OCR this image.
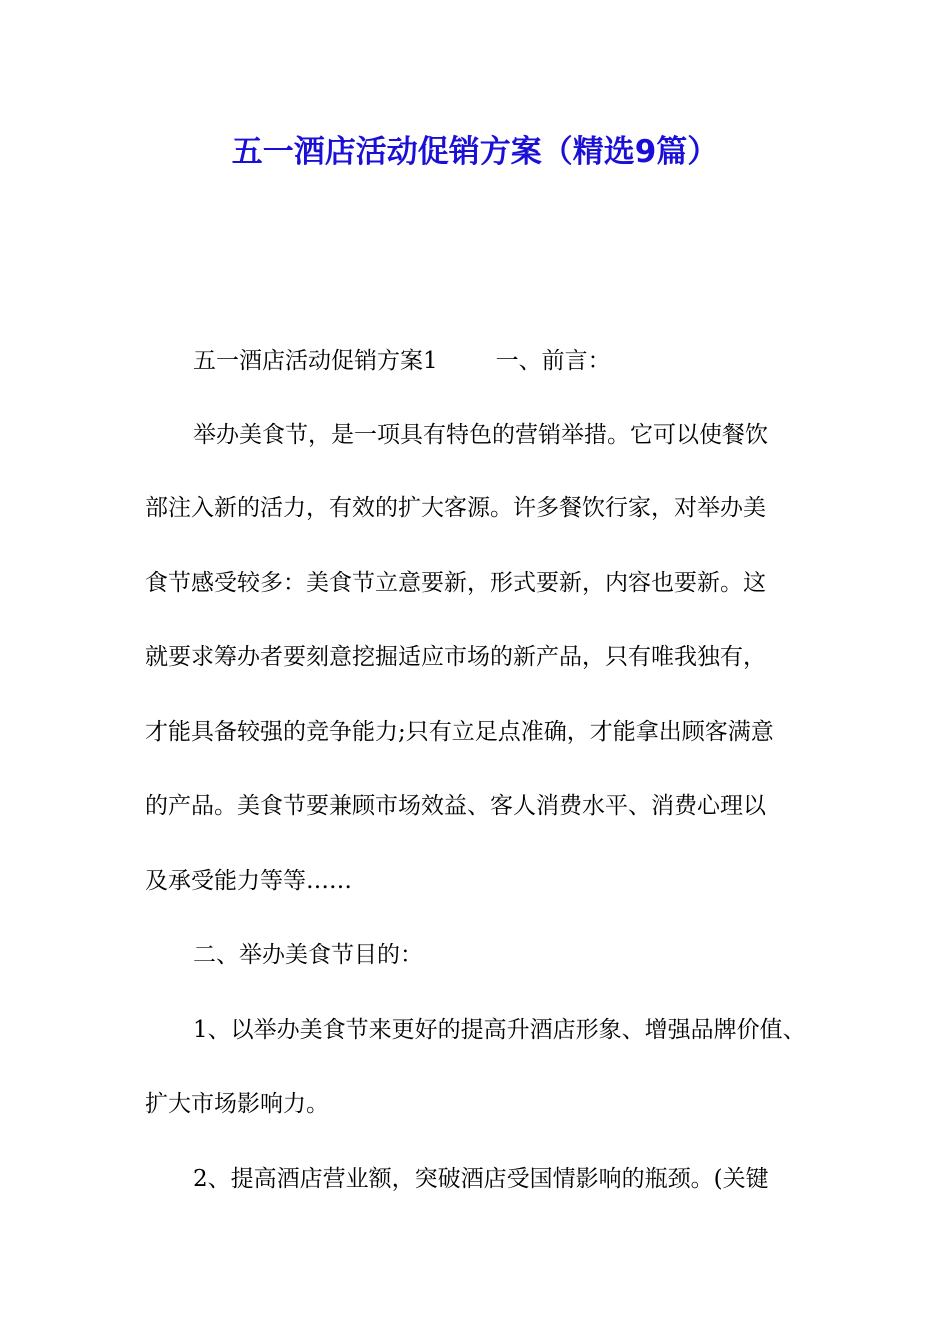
五一酒店活动促销方案（精选9篇）

五一酒店活动促销方案1	一、前言：

举办美食节，是一项具有特色的营销举措。它可以使餐饮

部注入新的活力，有效的扩大客源。许多餐饮行家，对举办美

食节感受较多：美食节立意要新，形式要新，内容也要新。这

就要求筹办者要刻意挖掘适应市场的新产品，只有唯我独有，

才能具备较强的竞争能力;只有立足点准确，才能拿出顾客满意

的产品。美食节要兼顾市场效益、客人消费水平、消费心理以

及承受能力等等……

二、举办美食节目的：

1、以举办美食节来更好的提高升酒店形象、增强品牌价值、

扩大市场影响力。

2、提高酒店营业额，突破酒店受国情影响的瓶颈。(关键
